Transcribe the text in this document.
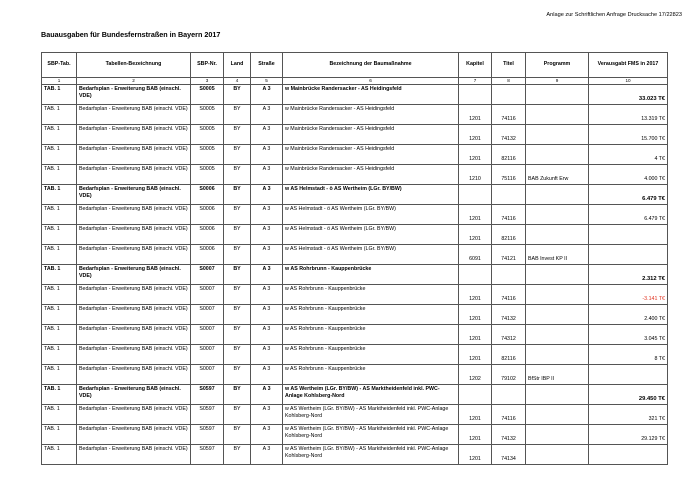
Anlage zur Schriftlichen Anfrage Drucksache 17/22823
Bauausgaben für Bundesfernstraßen in Bayern 2017
SBP-Tab.	Tabellen-Bezeichnung	SBP-Nr.	Land	Straße	Bezeichnung der Baumaßnahme	Kapitel	Titel	Programm	Verausgabt FMS in 2017
1	2	3	4	5	6	7	8	9	10
TAB. 1	Bedarfsplan - Erweiterung BAB (einschl. VDE)	S0005	BY	A 3	w Mainbrücke Randersacker - AS Heidingsfeld				33.023 T€
TAB. 1	Bedarfsplan - Erweiterung BAB (einschl. VDE)	S0005	BY	A 3	w Mainbrücke Randersacker - AS Heidingsfeld	1201	74116		13.319 T€
TAB. 1	Bedarfsplan - Erweiterung BAB (einschl. VDE)	S0005	BY	A 3	w Mainbrücke Randersacker - AS Heidingsfeld	1201	74132		15.700 T€
TAB. 1	Bedarfsplan - Erweiterung BAB (einschl. VDE)	S0005	BY	A 3	w Mainbrücke Randersacker - AS Heidingsfeld	1201	82116		4 T€
TAB. 1	Bedarfsplan - Erweiterung BAB (einschl. VDE)	S0005	BY	A 3	w Mainbrücke Randersacker - AS Heidingsfeld	1210	75116	BAB Zukunft Erw	4.000 T€
TAB. 1	Bedarfsplan - Erweiterung BAB (einschl. VDE)	S0006	BY	A 3	w AS Helmstadt - ö AS Wertheim (LGr. BY/BW)				6.479 T€
TAB. 1	Bedarfsplan - Erweiterung BAB (einschl. VDE)	S0006	BY	A 3	w AS Helmstadt - ö AS Wertheim (LGr. BY/BW)	1201	74116		6.479 T€
TAB. 1	Bedarfsplan - Erweiterung BAB (einschl. VDE)	S0006	BY	A 3	w AS Helmstadt - ö AS Wertheim (LGr. BY/BW)	1201	82116		
TAB. 1	Bedarfsplan - Erweiterung BAB (einschl. VDE)	S0006	BY	A 3	w AS Helmstadt - ö AS Wertheim (LGr. BY/BW)	6091	74121	BAB Invest KP II	
TAB. 1	Bedarfsplan - Erweiterung BAB (einschl. VDE)	S0007	BY	A 3	w AS Rohrbrunn - Kauppenbrücke				2.312 T€
TAB. 1	Bedarfsplan - Erweiterung BAB (einschl. VDE)	S0007	BY	A 3	w AS Rohrbrunn - Kauppenbrücke	1201	74116		-3.141 T€
TAB. 1	Bedarfsplan - Erweiterung BAB (einschl. VDE)	S0007	BY	A 3	w AS Rohrbrunn - Kauppenbrücke	1201	74132		2.400 T€
TAB. 1	Bedarfsplan - Erweiterung BAB (einschl. VDE)	S0007	BY	A 3	w AS Rohrbrunn - Kauppenbrücke	1201	74312		3.045 T€
TAB. 1	Bedarfsplan - Erweiterung BAB (einschl. VDE)	S0007	BY	A 3	w AS Rohrbrunn - Kauppenbrücke	1201	82116		8 T€
TAB. 1	Bedarfsplan - Erweiterung BAB (einschl. VDE)	S0007	BY	A 3	w AS Rohrbrunn - Kauppenbrücke	1202	79102	BfStr IBP II	
TAB. 1	Bedarfsplan - Erweiterung BAB (einschl. VDE)	S0597	BY	A 3	w AS Wertheim (LGr. BY/BW) - AS Marktheidenfeld inkl. PWC-Anlage Kohlsberg-Nord				29.450 T€
TAB. 1	Bedarfsplan - Erweiterung BAB (einschl. VDE)	S0597	BY	A 3	w AS Wertheim (LGr. BY/BW) - AS Marktheidenfeld inkl. PWC-Anlage Kohlsberg-Nord	1201	74116		321 T€
TAB. 1	Bedarfsplan - Erweiterung BAB (einschl. VDE)	S0597	BY	A 3	w AS Wertheim (LGr. BY/BW) - AS Marktheidenfeld inkl. PWC-Anlage Kohlsberg-Nord	1201	74132		29.129 T€
TAB. 1	Bedarfsplan - Erweiterung BAB (einschl. VDE)	S0597	BY	A 3	w AS Wertheim (LGr. BY/BW) - AS Marktheidenfeld inkl. PWC-Anlage Kohlsberg-Nord	1201	74134		
